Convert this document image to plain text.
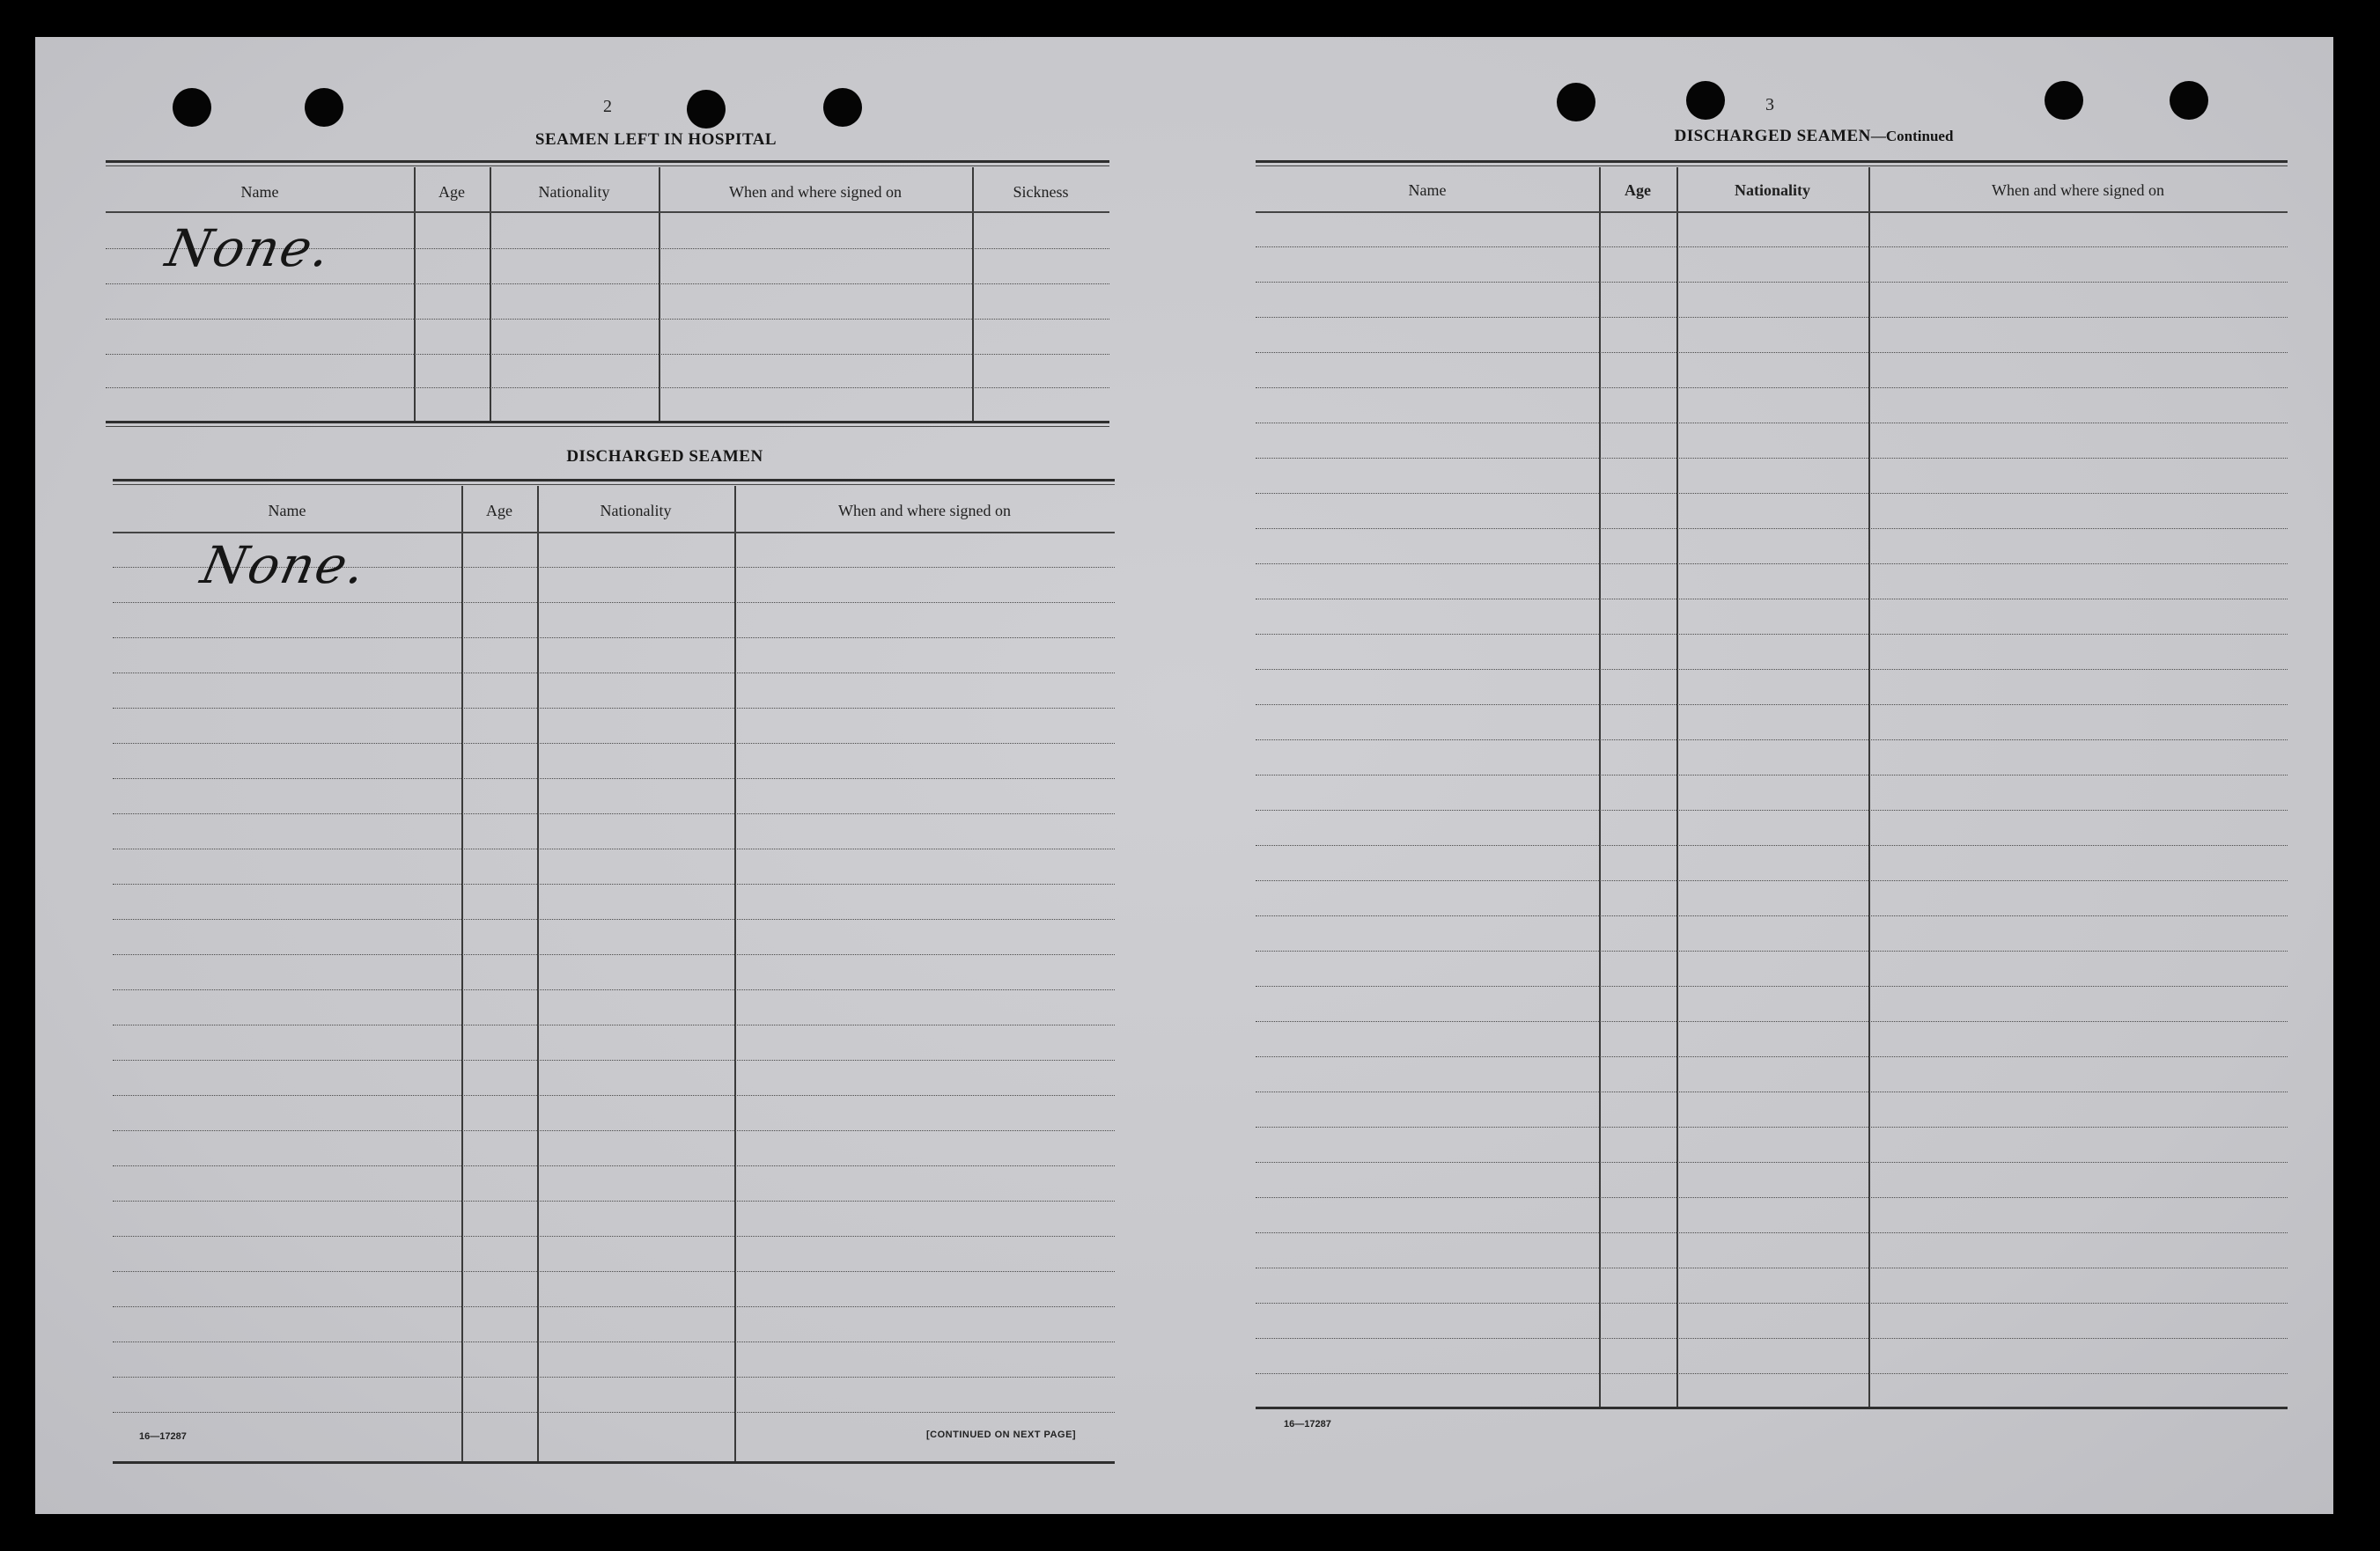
2
SEAMEN LEFT IN HOSPITAL
Name	Age	Nationality	When and where signed on	Sickness
None.
DISCHARGED SEAMEN
Name	Age	Nationality	When and where signed on
None.
16—17287	[CONTINUED ON NEXT PAGE]
3
DISCHARGED SEAMEN—Continued
Name	Age	Nationality	When and where signed on
16—17287
